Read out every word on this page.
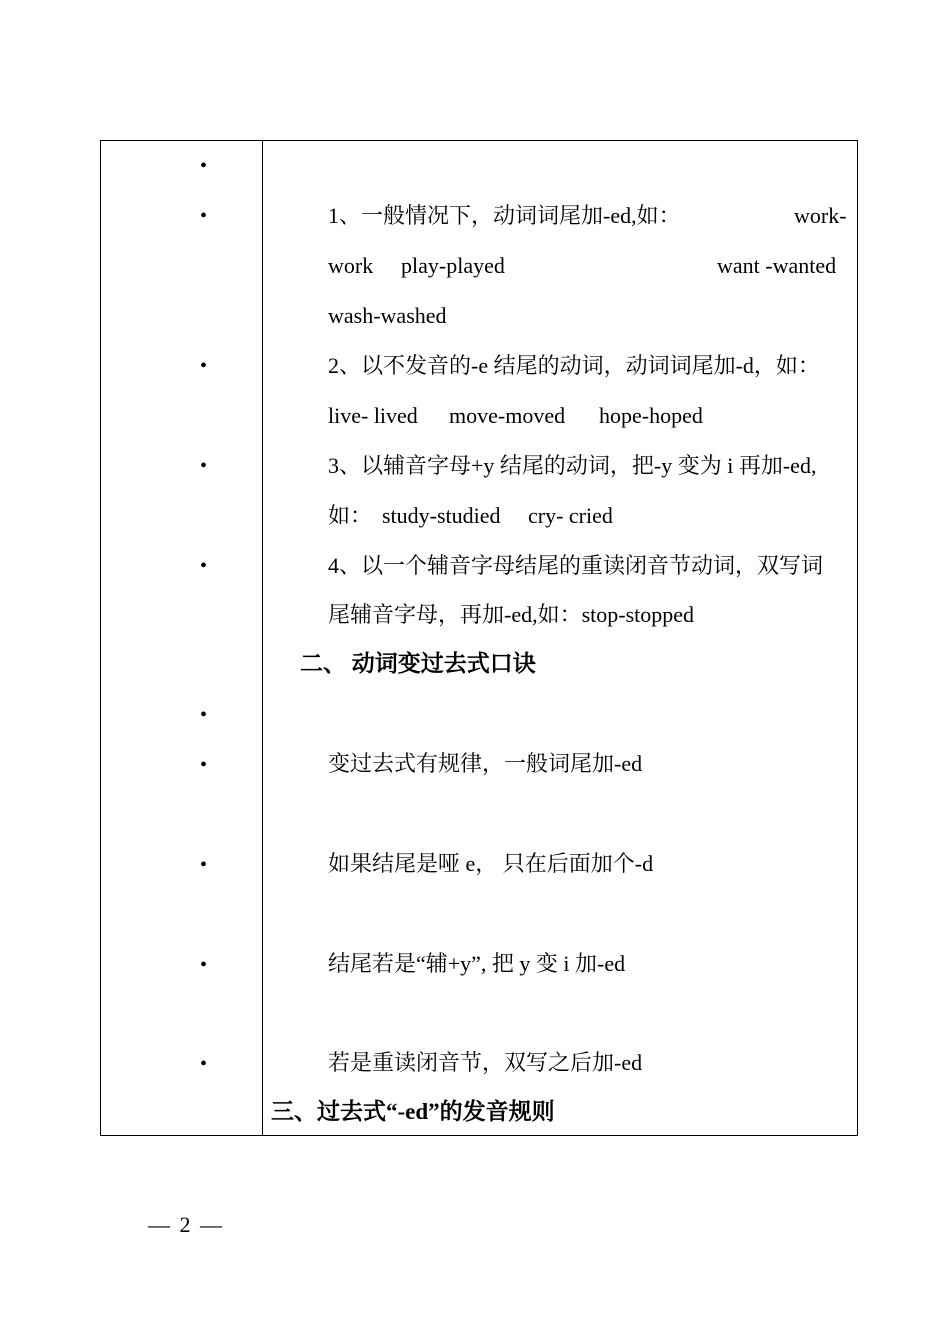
•
•
1、一般情况下，动词词尾加-ed,如：	work-
work play-played	want -wanted
wash-washed
•
2、以不发音的-e 结尾的动词，动词词尾加-d，如：
live- lived move-moved hope-hoped
•
3、以辅音字母+y 结尾的动词，把-y 变为 i 再加-ed,
如： study-studied cry- cried
•
4、以一个辅音字母结尾的重读闭音节动词，双写词
尾辅音字母，再加-ed,如：stop-stopped
二、 动词变过去式口诀
•
•
变过去式有规律，一般词尾加-ed
•
如果结尾是哑 e， 只在后面加个-d
•
结尾若是“辅+y”, 把 y 变 i 加-ed
•
若是重读闭音节，双写之后加-ed
三、过去式“-ed”的发音规则
— 2 —
